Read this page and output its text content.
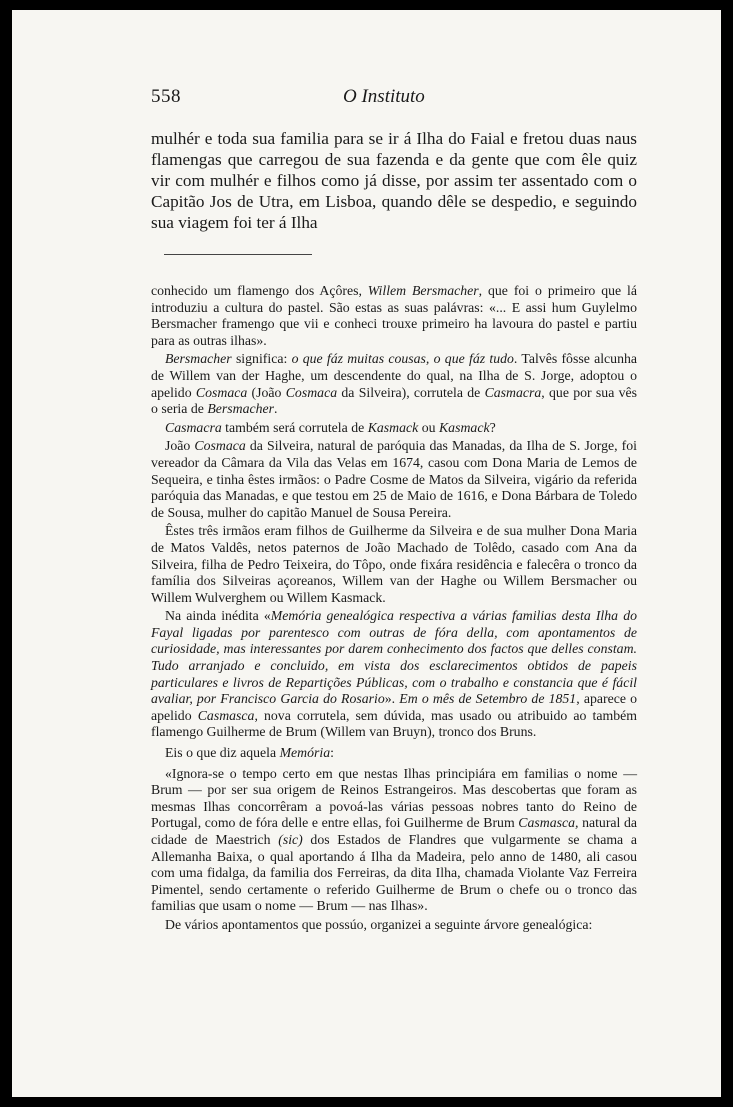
558	O Instituto

mulhér e toda sua familia para se ir á Ilha do Faial e fretou duas naus flamengas que carregou de sua fazenda e da gente que com êle quiz vir com mulhér e filhos como já disse, por assim ter assentado com o Capitão Jos de Utra, em Lisboa, quando dêle se despedio, e seguindo sua viagem foi ter á Ilha

conhecido um flamengo dos Açôres, Willem Bersmacher, que foi o primeiro que lá introduziu a cultura do pastel. São estas as suas palávras: «... E assi hum Guylelmo Bersmacher framengo que vii e conheci trouxe primeiro ha lavoura do pastel e partiu para as outras ilhas».

Bersmacher significa: o que fáz muitas cousas, o que fáz tudo. Talvês fôsse alcunha de Willem van der Haghe, um descendente do qual, na Ilha de S. Jorge, adoptou o apelido Cosmaca (João Cosmaca da Silveira), corrutela de Casmacra, que por sua vês o seria de Bersmacher.

Casmacra também será corrutela de Kasmack ou Kasmack?

João Cosmaca da Silveira, natural de paróquia das Manadas, da Ilha de S. Jorge, foi vereador da Câmara da Vila das Velas em 1674, casou com Dona Maria de Lemos de Sequeira, e tinha êstes irmãos: o Padre Cosme de Matos da Silveira, vigário da referida paróquia das Manadas, e que testou em 25 de Maio de 1616, e Dona Bárbara de Toledo de Sousa, mulher do capitão Manuel de Sousa Pereira.

Êstes três irmãos eram filhos de Guilherme da Silveira e de sua mulher Dona Maria de Matos Valdês, netos paternos de João Machado de Tolêdo, casado com Ana da Silveira, filha de Pedro Teixeira, do Tôpo, onde fixára residência e falecêra o tronco da família dos Silveiras açoreanos, Willem van der Haghe ou Willem Bersmacher ou Willem Wulverghem ou Willem Kasmack.

Na ainda inédita «Memória genealógica respectiva a várias familias desta Ilha do Fayal ligadas por parentesco com outras de fóra della, com apontamentos de curiosidade, mas interessantes por darem conhecimento dos factos que delles constam. Tudo arranjado e concluido, em vista dos esclarecimentos obtidos de papeis particulares e livros de Repartições Públicas, com o trabalho e constancia que é fácil avaliar, por Francisco Garcia do Rosario». Em o mês de Setembro de 1851, aparece o apelido Casmasca, nova corrutela, sem dúvida, mas usado ou atribuido ao também flamengo Guilherme de Brum (Willem van Bruyn), tronco dos Bruns.

Eis o que diz aquela Memória:

«Ignora-se o tempo certo em que nestas Ilhas principiára em familias o nome — Brum — por ser sua origem de Reinos Estrangeiros. Mas descobertas que foram as mesmas Ilhas concorrêram a povoá-las várias pessoas nobres tanto do Reino de Portugal, como de fóra delle e entre ellas, foi Guilherme de Brum Casmasca, natural da cidade de Maestrich (sic) dos Estados de Flandres que vulgarmente se chama a Allemanha Baixa, o qual aportando á Ilha da Madeira, pelo anno de 1480, ali casou com uma fidalga, da familia dos Ferreiras, da dita Ilha, chamada Violante Vaz Ferreira Pimentel, sendo certamente o referido Guilherme de Brum o chefe ou o tronco das familias que usam o nome — Brum — nas Ilhas».

De vários apontamentos que possúo, organizei a seguinte árvore genealógica:
